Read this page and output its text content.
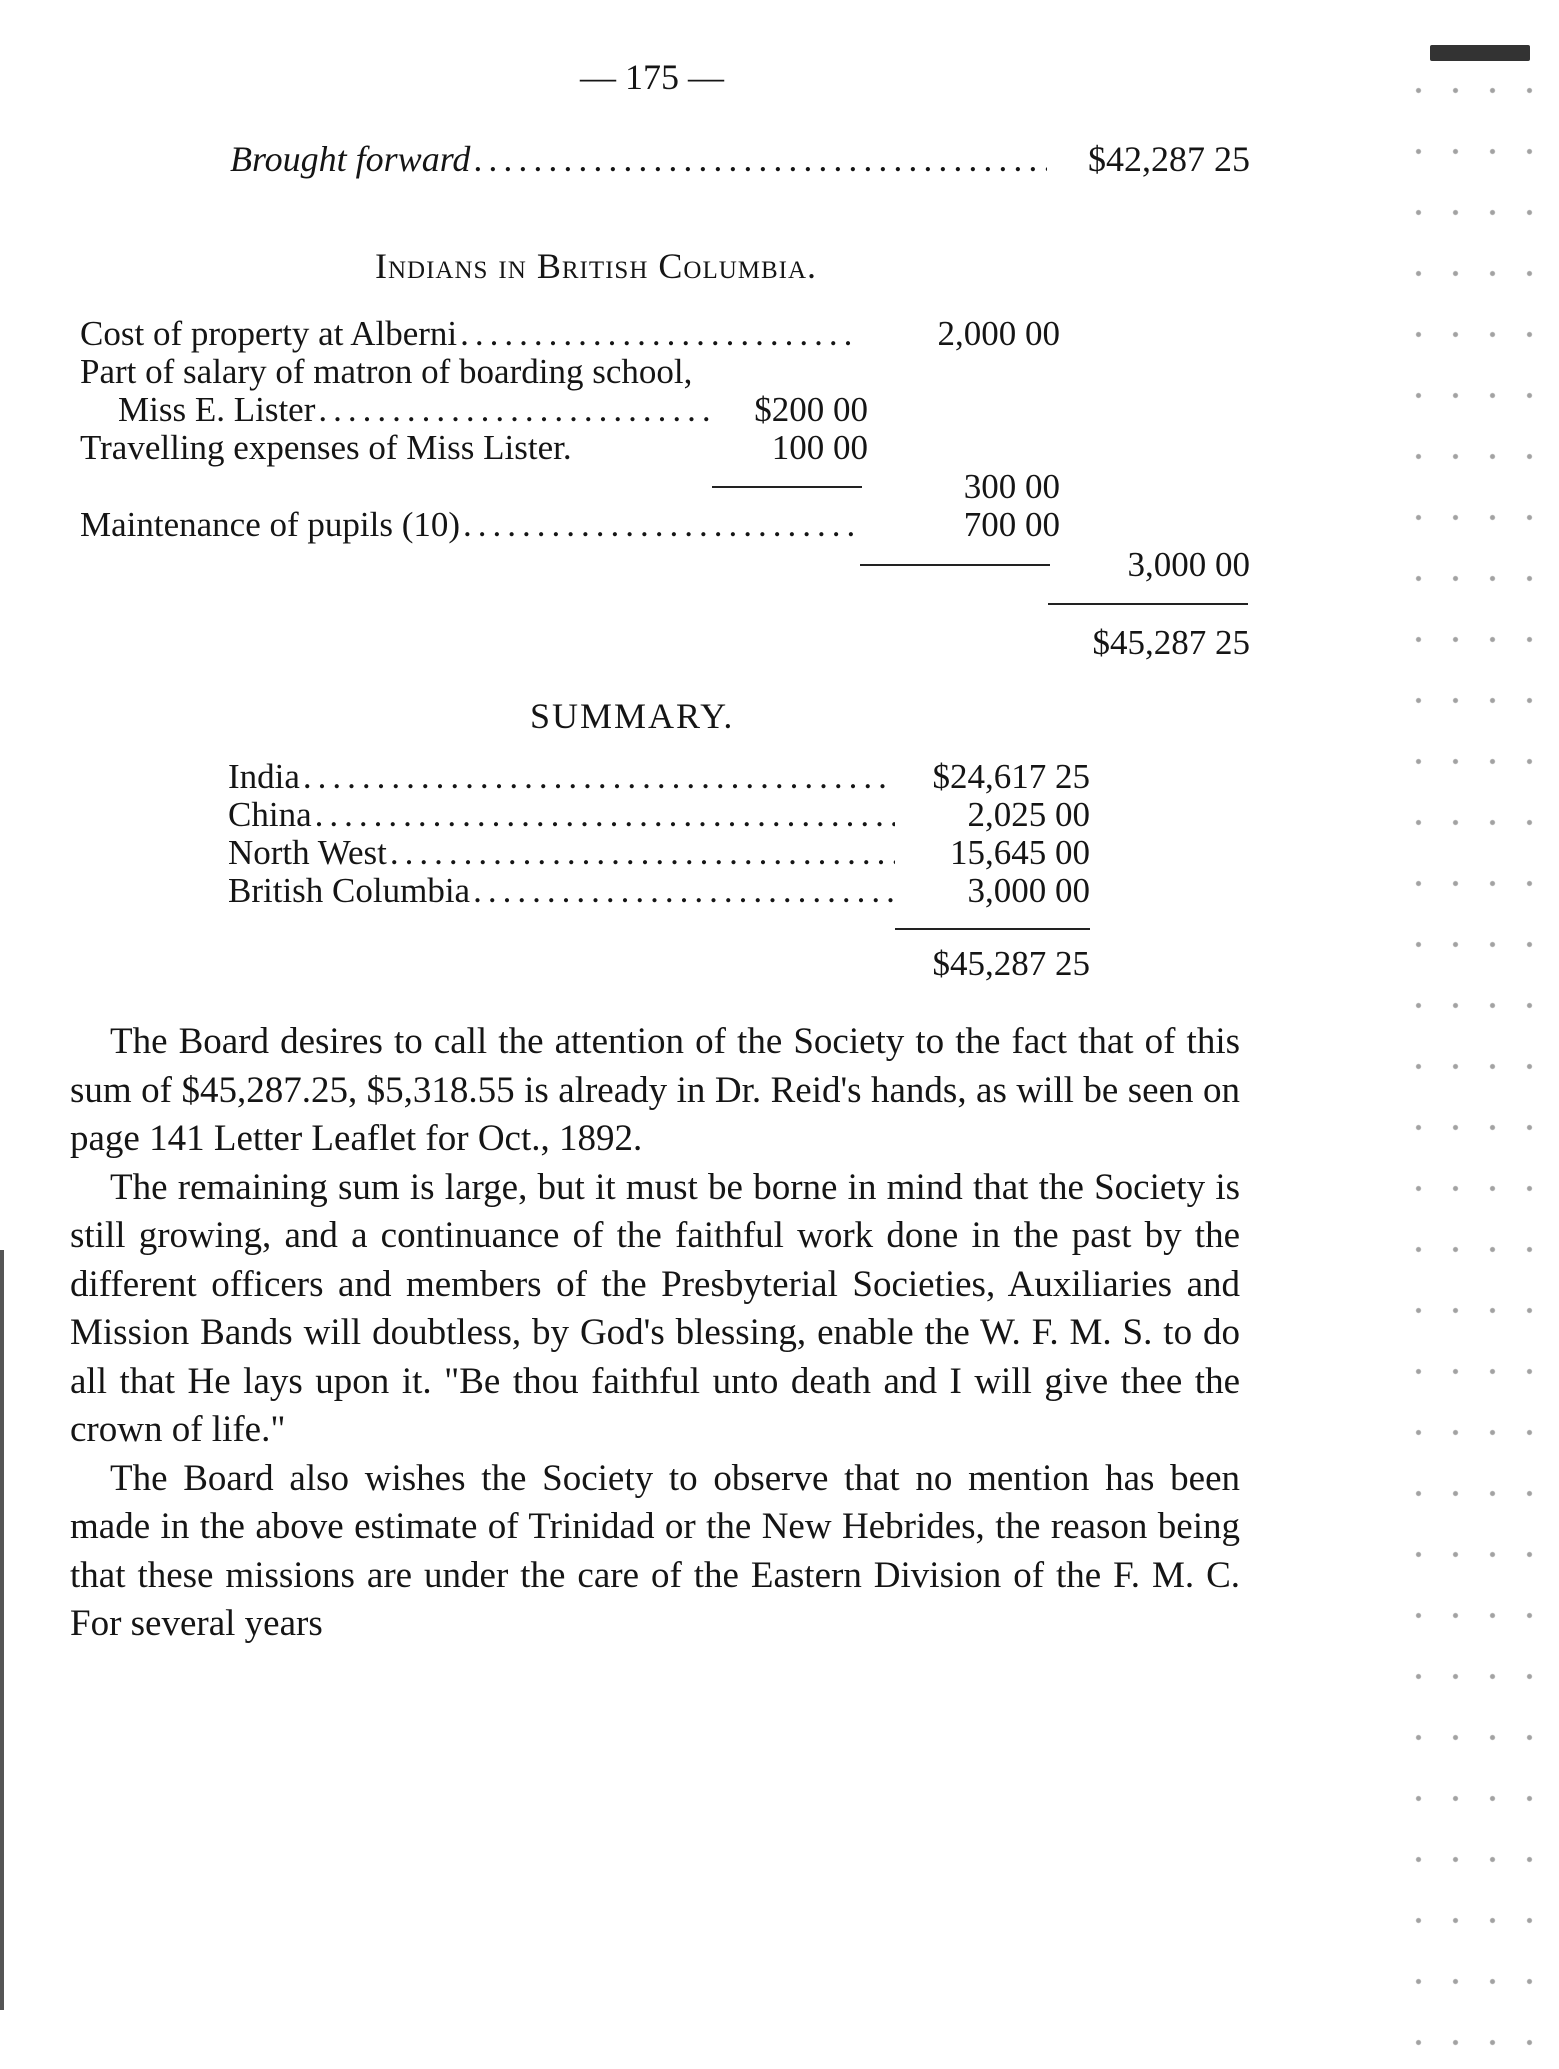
— 175 —
Brought forward .....	$42,287 25
Indians in British Columbia.
Cost of property at Alberni .....	2,000 00
Part of salary of matron of boarding school,
Miss E. Lister .....	$200 00
Travelling expenses of Miss Lister.	100 00
300 00
Maintenance of pupils (10) .....	700 00
3,000 00
$45,287 25
SUMMARY.
India .....	$24,617 25
China .....	2,025 00
North West .....	15,645 00
British Columbia .....	3,000 00
$45,287 25

The Board desires to call the attention of the Society to the fact that of this sum of $45,287.25, $5,318.55 is already in Dr. Reid's hands, as will be seen on page 141 Letter Leaflet for Oct., 1892.

The remaining sum is large, but it must be borne in mind that the Society is still growing, and a continuance of the faithful work done in the past by the different officers and members of the Presbyterial Societies, Auxiliaries and Mission Bands will doubtless, by God's blessing, enable the W. F. M. S. to do all that He lays upon it. "Be thou faithful unto death and I will give thee the crown of life."

The Board also wishes the Society to observe that no mention has been made in the above estimate of Trinidad or the New Hebrides, the reason being that these missions are under the care of the Eastern Division of the F. M. C. For several years
